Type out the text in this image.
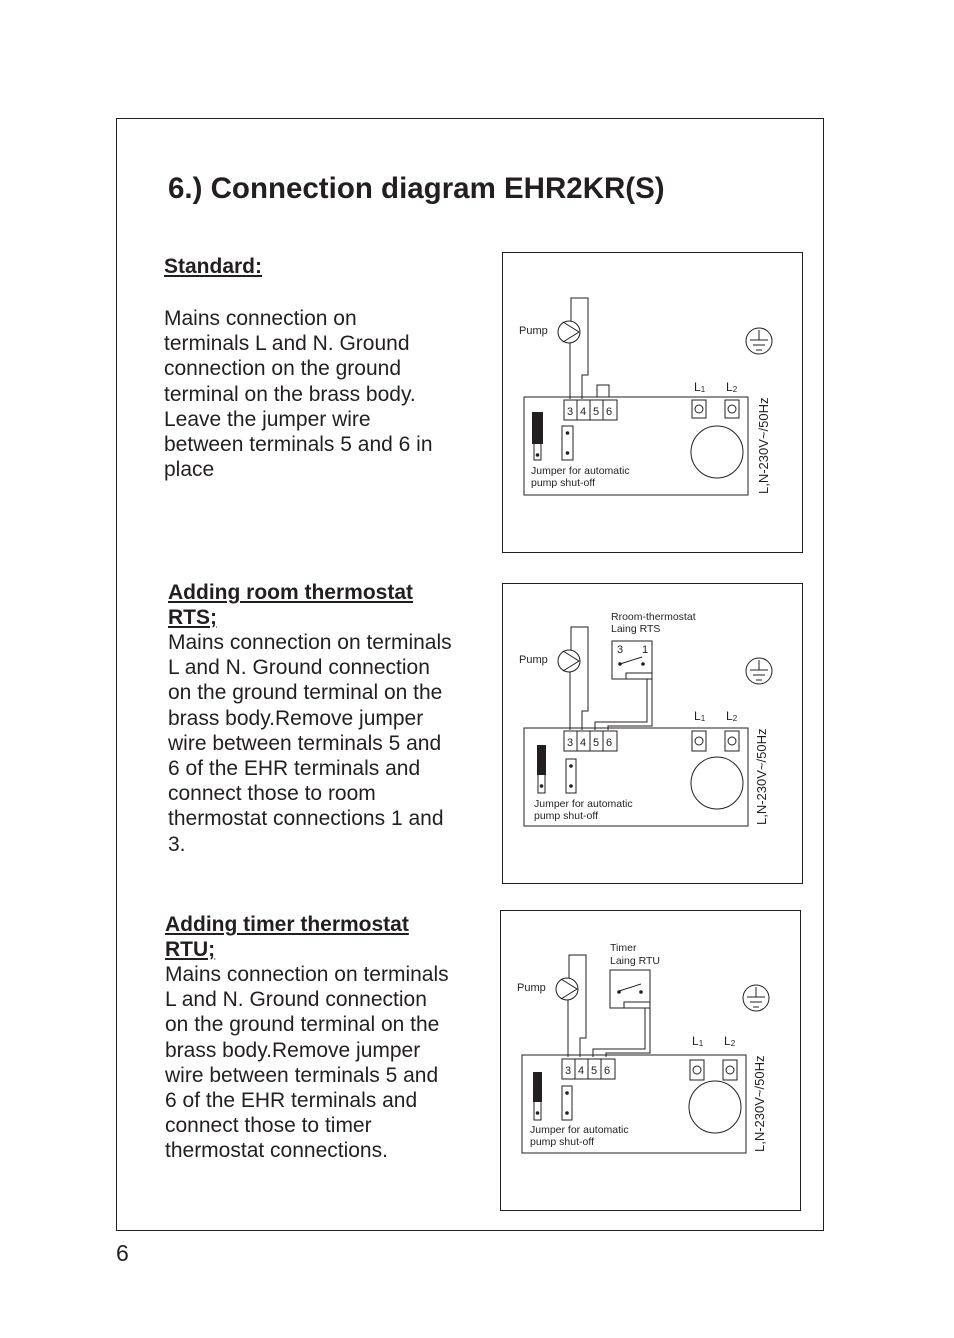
6.) Connection diagram EHR2KR(S)
Standard:

Mains connection on terminals L and N. Ground connection on the ground terminal on the brass body. Leave the jumper wire between terminals 5 and 6 in place

Pump
3 4 5 6
Jumper for automatic pump shut-off
L1 L2
L,N-230V~/50Hz
Adding room thermostat RTS;

Mains connection on terminals L and N. Ground connection on the ground terminal on the brass body.Remove jumper wire between terminals 5 and 6 of the EHR terminals and connect those to room thermostat connections 1 and 3.

Rroom-thermostat Laing RTS
3 1
Pump
3 4 5 6
Jumper for automatic pump shut-off
L1 L2
L,N-230V~/50Hz
Adding timer thermostat RTU;

Mains connection on terminals L and N. Ground connection on the ground terminal on the brass body.Remove jumper wire between terminals 5 and 6 of the EHR terminals and connect those to timer thermostat connections.

Timer Laing RTU
Pump
3 4 5 6
Jumper for automatic pump shut-off
L1 L2
L,N-230V~/50Hz
6
